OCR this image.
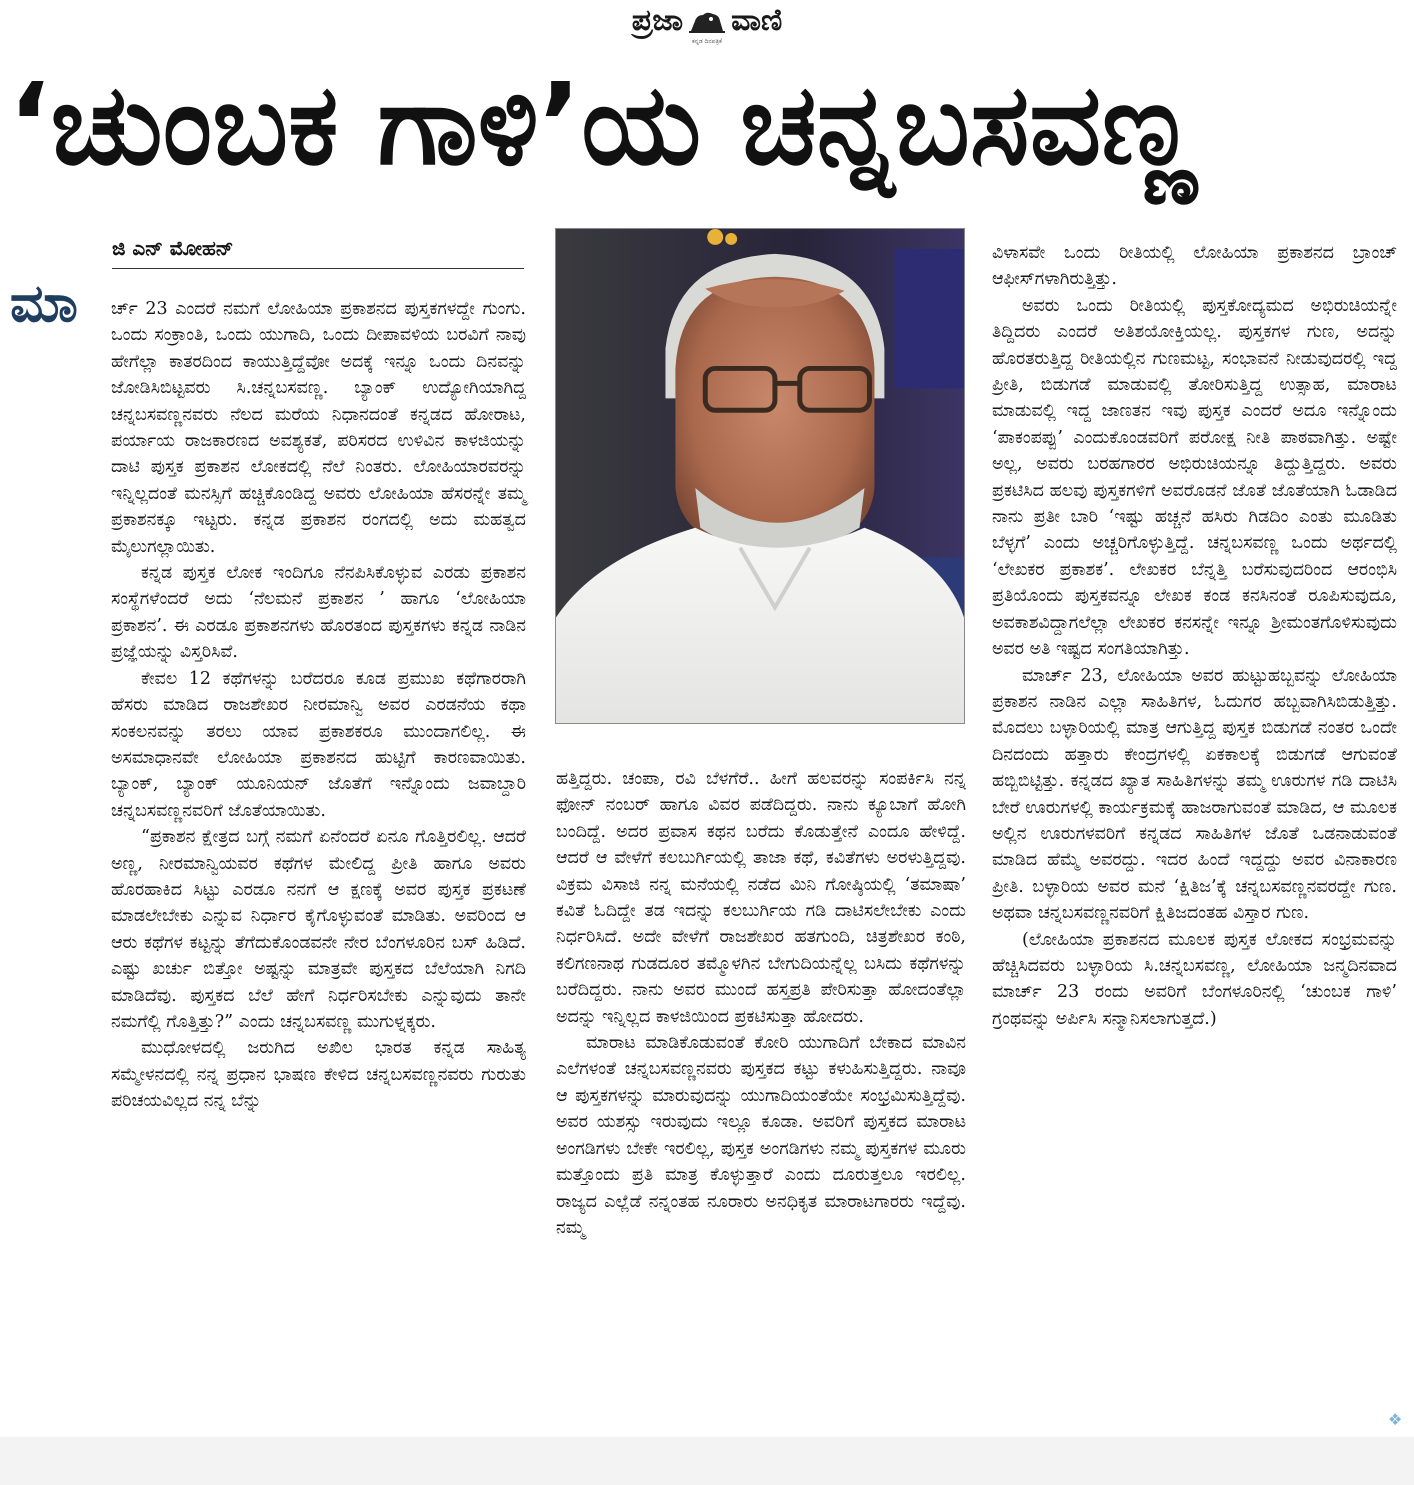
ಪ್ರಜಾ ವಾಣಿ
ಕನ್ನಡ ದಿನಪತ್ರಿಕೆ
‘ಚುಂಬಕ ಗಾಳಿ’ಯ ಚನ್ನಬಸವಣ್ಣ
ಜಿ ಎನ್ ಮೋಹನ್
ಮಾ	ರ್ಚ್ 23 ಎಂದರೆ ನಮಗೆ ಲೋಹಿಯಾ ಪ್ರಕಾಶನದ ಪುಸ್ತಕಗಳದ್ದೇ ಗುಂಗು. ಒಂದು ಸಂಕ್ರಾಂತಿ, ಒಂದು ಯುಗಾದಿ, ಒಂದು ದೀಪಾವಳಿಯ ಬರವಿಗೆ ನಾವು ಹೇಗೆಲ್ಲಾ ಕಾತರದಿಂದ ಕಾಯುತ್ತಿದ್ದೆವೋ ಅದಕ್ಕೆ ಇನ್ನೂ ಒಂದು ದಿನವನ್ನು ಜೋಡಿಸಿಬಿಟ್ಟವರು ಸಿ.ಚನ್ನಬಸವಣ್ಣ. ಬ್ಯಾಂಕ್ ಉದ್ಯೋಗಿಯಾಗಿದ್ದ ಚನ್ನಬಸವಣ್ಣನವರು ನೆಲದ ಮರೆಯ ನಿಧಾನದಂತೆ ಕನ್ನಡದ ಹೋರಾಟ, ಪರ್ಯಾಯ ರಾಜಕಾರಣದ ಅವಶ್ಯಕತೆ, ಪರಿಸರದ ಉಳಿವಿನ ಕಾಳಜಿಯನ್ನು ದಾಟಿ ಪುಸ್ತಕ ಪ್ರಕಾಶನ ಲೋಕದಲ್ಲಿ ನೆಲೆ ನಿಂತರು. ಲೋಹಿಯಾರವರನ್ನು ಇನ್ನಿಲ್ಲದಂತೆ ಮನಸ್ಸಿಗೆ ಹಚ್ಚಿಕೊಂಡಿದ್ದ ಅವರು ಲೋಹಿಯಾ ಹೆಸರನ್ನೇ ತಮ್ಮ ಪ್ರಕಾಶನಕ್ಕೂ ಇಟ್ಟರು. ಕನ್ನಡ ಪ್ರಕಾಶನ ರಂಗದಲ್ಲಿ ಅದು ಮಹತ್ವದ ಮೈಲುಗಲ್ಲಾಯಿತು.

ಕನ್ನಡ ಪುಸ್ತಕ ಲೋಕ ಇಂದಿಗೂ ನೆನಪಿಸಿಕೊಳ್ಳುವ ಎರಡು ಪ್ರಕಾಶನ ಸಂಸ್ಥೆಗಳೆಂದರೆ ಅದು ‘ನೆಲಮನೆ ಪ್ರಕಾಶನ ’ ಹಾಗೂ ‘ಲೋಹಿಯಾ ಪ್ರಕಾಶನ’. ಈ ಎರಡೂ ಪ್ರಕಾಶನಗಳು ಹೊರತಂದ ಪುಸ್ತಕಗಳು ಕನ್ನಡ ನಾಡಿನ ಪ್ರಜ್ಞೆಯನ್ನು ವಿಸ್ತರಿಸಿವೆ.

ಕೇವಲ 12 ಕಥೆಗಳನ್ನು ಬರೆದರೂ ಕೂಡ ಪ್ರಮುಖ ಕಥೆಗಾರರಾಗಿ ಹೆಸರು ಮಾಡಿದ ರಾಜಶೇಖರ ನೀರಮಾನ್ವಿ ಅವರ ಎರಡನೆಯ ಕಥಾ ಸಂಕಲನವನ್ನು ತರಲು ಯಾವ ಪ್ರಕಾಶಕರೂ ಮುಂದಾಗಲಿಲ್ಲ. ಈ ಅಸಮಾಧಾನವೇ ಲೋಹಿಯಾ ಪ್ರಕಾಶನದ ಹುಟ್ಟಿಗೆ ಕಾರಣವಾಯಿತು. ಬ್ಯಾಂಕ್, ಬ್ಯಾಂಕ್ ಯೂನಿಯನ್ ಜೊತೆಗೆ ಇನ್ನೊಂದು ಜವಾಬ್ದಾರಿ ಚನ್ನಬಸವಣ್ಣನವರಿಗೆ ಜೊತೆಯಾಯಿತು.

“ಪ್ರಕಾಶನ ಕ್ಷೇತ್ರದ ಬಗ್ಗೆ ನಮಗೆ ಏನೆಂದರೆ ಏನೂ ಗೊತ್ತಿರಲಿಲ್ಲ. ಆದರೆ ಅಣ್ಣ, ನೀರಮಾನ್ವಿಯವರ ಕಥೆಗಳ ಮೇಲಿದ್ದ ಪ್ರೀತಿ ಹಾಗೂ ಅವರು ಹೊರಹಾಕಿದ ಸಿಟ್ಟು ಎರಡೂ ನನಗೆ ಆ ಕ್ಷಣಕ್ಕೆ ಅವರ ಪುಸ್ತಕ ಪ್ರಕಟಣೆ ಮಾಡಲೇಬೇಕು ಎನ್ನುವ ನಿರ್ಧಾರ ಕೈಗೊಳ್ಳುವಂತೆ ಮಾಡಿತು. ಅವರಿಂದ ಆ ಆರು ಕಥೆಗಳ ಕಟ್ಟನ್ನು ತೆಗೆದುಕೊಂಡವನೇ ನೇರ ಬೆಂಗಳೂರಿನ ಬಸ್ ಹಿಡಿದೆ. ಎಷ್ಟು ಖರ್ಚು ಬಿತ್ತೋ ಅಷ್ಟನ್ನು ಮಾತ್ರವೇ ಪುಸ್ತಕದ ಬೆಲೆಯಾಗಿ ನಿಗದಿ ಮಾಡಿದೆವು. ಪುಸ್ತಕದ ಬೆಲೆ ಹೇಗೆ ನಿರ್ಧರಿಸಬೇಕು ಎನ್ನುವುದು ತಾನೇ ನಮಗೆಲ್ಲಿ ಗೊತ್ತಿತ್ತು?” ಎಂದು ಚನ್ನಬಸವಣ್ಣ ಮುಗುಳ್ನಕ್ಕರು.

ಮುಧೋಳದಲ್ಲಿ ಜರುಗಿದ ಅಖಿಲ ಭಾರತ ಕನ್ನಡ ಸಾಹಿತ್ಯ ಸಮ್ಮೇಳನದಲ್ಲಿ ನನ್ನ ಪ್ರಧಾನ ಭಾಷಣ ಕೇಳಿದ ಚನ್ನಬಸವಣ್ಣನವರು ಗುರುತು ಪರಿಚಯವಿಲ್ಲದ ನನ್ನ ಬೆನ್ನು

ಹತ್ತಿದ್ದರು. ಚಂಪಾ, ರವಿ ಬೆಳಗೆರೆ.. ಹೀಗೆ ಹಲವರನ್ನು ಸಂಪರ್ಕಿಸಿ ನನ್ನ ಫೋನ್ ನಂಬರ್ ಹಾಗೂ ವಿವರ ಪಡೆದಿದ್ದರು. ನಾನು ಕ್ಯೂಬಾಗೆ ಹೋಗಿ ಬಂದಿದ್ದೆ. ಅದರ ಪ್ರವಾಸ ಕಥನ ಬರೆದು ಕೊಡುತ್ತೇನೆ ಎಂದೂ ಹೇಳಿದ್ದೆ. ಆದರೆ ಆ ವೇಳೆಗೆ ಕಲಬುರ್ಗಿಯಲ್ಲಿ ತಾಜಾ ಕಥೆ, ಕವಿತೆಗಳು ಅರಳುತ್ತಿದ್ದವು. ವಿಕ್ರಮ ವಿಸಾಜಿ ನನ್ನ ಮನೆಯಲ್ಲಿ ನಡೆದ ಮಿನಿ ಗೋಷ್ಠಿಯಲ್ಲಿ ‘ತಮಾಷಾ’ ಕವಿತೆ ಓದಿದ್ದೇ ತಡ ಇದನ್ನು ಕಲಬುರ್ಗಿಯ ಗಡಿ ದಾಟಿಸಲೇಬೇಕು ಎಂದು ನಿರ್ಧರಿಸಿದೆ. ಅದೇ ವೇಳೆಗೆ ರಾಜಶೇಖರ ಹತಗುಂದಿ, ಚಿತ್ರಶೇಖರ ಕಂಠಿ, ಕಲಿಗಣನಾಥ ಗುಡದೂರ ತಮ್ಮೊಳಗಿನ ಬೇಗುದಿಯನ್ನೆಲ್ಲ ಬಸಿದು ಕಥೆಗಳನ್ನು ಬರೆದಿದ್ದರು. ನಾನು ಅವರ ಮುಂದೆ ಹಸ್ತಪ್ರತಿ ಪೇರಿಸುತ್ತಾ ಹೋದಂತೆಲ್ಲಾ ಅದನ್ನು ಇನ್ನಿಲ್ಲದ ಕಾಳಜಿಯಿಂದ ಪ್ರಕಟಿಸುತ್ತಾ ಹೋದರು.

ಮಾರಾಟ ಮಾಡಿಕೊಡುವಂತೆ ಕೋರಿ ಯುಗಾದಿಗೆ ಬೇಕಾದ ಮಾವಿನ ಎಲೆಗಳಂತೆ ಚನ್ನಬಸವಣ್ಣನವರು ಪುಸ್ತಕದ ಕಟ್ಟು ಕಳುಹಿಸುತ್ತಿದ್ದರು. ನಾವೂ ಆ ಪುಸ್ತಕಗಳನ್ನು ಮಾರುವುದನ್ನು ಯುಗಾದಿಯಂತೆಯೇ ಸಂಭ್ರಮಿಸುತ್ತಿದ್ದೆವು. ಅವರ ಯಶಸ್ಸು ಇರುವುದು ಇಲ್ಲೂ ಕೂಡಾ. ಅವರಿಗೆ ಪುಸ್ತಕದ ಮಾರಾಟ ಅಂಗಡಿಗಳು ಬೇಕೇ ಇರಲಿಲ್ಲ, ಪುಸ್ತಕ ಅಂಗಡಿಗಳು ನಮ್ಮ ಪುಸ್ತಕಗಳ ಮೂರು ಮತ್ತೊಂದು ಪ್ರತಿ ಮಾತ್ರ ಕೊಳ್ಳುತ್ತಾರೆ ಎಂದು ದೂರುತ್ತಲೂ ಇರಲಿಲ್ಲ. ರಾಜ್ಯದ ಎಲ್ಲೆಡೆ ನನ್ನಂತಹ ನೂರಾರು ಅನಧಿಕೃತ ಮಾರಾಟಗಾರರು ಇದ್ದೆವು. ನಮ್ಮ

ವಿಳಾಸವೇ ಒಂದು ರೀತಿಯಲ್ಲಿ ಲೋಹಿಯಾ ಪ್ರಕಾಶನದ ಬ್ರಾಂಚ್ ಆಫೀಸ್‌ಗಳಾಗಿರುತ್ತಿತ್ತು.

ಅವರು ಒಂದು ರೀತಿಯಲ್ಲಿ ಪುಸ್ತಕೋದ್ಯಮದ ಅಭಿರುಚಿಯನ್ನೇ ತಿದ್ದಿದರು ಎಂದರೆ ಅತಿಶಯೋಕ್ತಿಯಲ್ಲ. ಪುಸ್ತಕಗಳ ಗುಣ, ಅದನ್ನು ಹೊರತರುತ್ತಿದ್ದ ರೀತಿಯಲ್ಲಿನ ಗುಣಮಟ್ಟ, ಸಂಭಾವನೆ ನೀಡುವುದರಲ್ಲಿ ಇದ್ದ ಪ್ರೀತಿ, ಬಿಡುಗಡೆ ಮಾಡುವಲ್ಲಿ ತೋರಿಸುತ್ತಿದ್ದ ಉತ್ಸಾಹ, ಮಾರಾಟ ಮಾಡುವಲ್ಲಿ ಇದ್ದ ಜಾಣತನ ಇವು ಪುಸ್ತಕ ಎಂದರೆ ಅದೂ ಇನ್ನೊಂದು ‘ಪಾಕಂಪಪ್ಪು’ ಎಂದುಕೊಂಡವರಿಗೆ ಪರೋಕ್ಷ ನೀತಿ ಪಾಠವಾಗಿತ್ತು. ಅಷ್ಟೇ ಅಲ್ಲ, ಅವರು ಬರಹಗಾರರ ಅಭಿರುಚಿಯನ್ನೂ ತಿದ್ದುತ್ತಿದ್ದರು. ಅವರು ಪ್ರಕಟಿಸಿದ ಹಲವು ಪುಸ್ತಕಗಳಿಗೆ ಅವರೊಡನೆ ಜೊತೆ ಜೊತೆಯಾಗಿ ಓಡಾಡಿದ ನಾನು ಪ್ರತೀ ಬಾರಿ ‘ಇಷ್ಟು ಹಚ್ಚನೆ ಹಸಿರು ಗಿಡದಿಂ ಎಂತು ಮೂಡಿತು ಬೆಳ್ಳಗೆ’ ಎಂದು ಅಚ್ಚರಿಗೊಳ್ಳುತ್ತಿದ್ದೆ. ಚನ್ನಬಸವಣ್ಣ ಒಂದು ಅರ್ಥದಲ್ಲಿ ‘ಲೇಖಕರ ಪ್ರಕಾಶಕ’. ಲೇಖಕರ ಬೆನ್ನತ್ತಿ ಬರೆಸುವುದರಿಂದ ಆರಂಭಿಸಿ ಪ್ರತಿಯೊಂದು ಪುಸ್ತಕವನ್ನೂ ಲೇಖಕ ಕಂಡ ಕನಸಿನಂತೆ ರೂಪಿಸುವುದೂ, ಅವಕಾಶವಿದ್ದಾಗಲೆಲ್ಲಾ ಲೇಖಕರ ಕನಸನ್ನೇ ಇನ್ನೂ ಶ್ರೀಮಂತಗೊಳಿಸುವುದು ಅವರ ಅತಿ ಇಷ್ಟದ ಸಂಗತಿಯಾಗಿತ್ತು.

ಮಾರ್ಚ್ 23, ಲೋಹಿಯಾ ಅವರ ಹುಟ್ಟುಹಬ್ಬವನ್ನು ಲೋಹಿಯಾ ಪ್ರಕಾಶನ ನಾಡಿನ ಎಲ್ಲಾ ಸಾಹಿತಿಗಳ, ಓದುಗರ ಹಬ್ಬವಾಗಿಸಿಬಿಡುತ್ತಿತ್ತು. ಮೊದಲು ಬಳ್ಳಾರಿಯಲ್ಲಿ ಮಾತ್ರ ಆಗುತ್ತಿದ್ದ ಪುಸ್ತಕ ಬಿಡುಗಡೆ ನಂತರ ಒಂದೇ ದಿನದಂದು ಹತ್ತಾರು ಕೇಂದ್ರಗಳಲ್ಲಿ ಏಕಕಾಲಕ್ಕೆ ಬಿಡುಗಡೆ ಆಗುವಂತೆ ಹಬ್ಬಿಬಿಟ್ಟಿತ್ತು. ಕನ್ನಡದ ಖ್ಯಾತ ಸಾಹಿತಿಗಳನ್ನು ತಮ್ಮ ಊರುಗಳ ಗಡಿ ದಾಟಿಸಿ ಬೇರೆ ಊರುಗಳಲ್ಲಿ ಕಾರ್ಯಕ್ರಮಕ್ಕೆ ಹಾಜರಾಗುವಂತೆ ಮಾಡಿದ, ಆ ಮೂಲಕ ಅಲ್ಲಿನ ಊರುಗಳವರಿಗೆ ಕನ್ನಡದ ಸಾಹಿತಿಗಳ ಜೊತೆ ಒಡನಾಡುವಂತೆ ಮಾಡಿದ ಹೆಮ್ಮೆ ಅವರದ್ದು. ಇದರ ಹಿಂದೆ ಇದ್ದದ್ದು ಅವರ ವಿನಾಕಾರಣ ಪ್ರೀತಿ. ಬಳ್ಳಾರಿಯ ಅವರ ಮನೆ ‘ಕ್ಷಿತಿಜ’ಕ್ಕೆ ಚನ್ನಬಸವಣ್ಣನವರದ್ದೇ ಗುಣ. ಅಥವಾ ಚನ್ನಬಸವಣ್ಣನವರಿಗೆ ಕ್ಷಿತಿಜದಂತಹ ವಿಸ್ತಾರ ಗುಣ.

(ಲೋಹಿಯಾ ಪ್ರಕಾಶನದ ಮೂಲಕ ಪುಸ್ತಕ ಲೋಕದ ಸಂಭ್ರಮವನ್ನು ಹೆಚ್ಚಿಸಿದವರು ಬಳ್ಳಾರಿಯ ಸಿ.ಚನ್ನಬಸವಣ್ಣ, ಲೋಹಿಯಾ ಜನ್ಮದಿನವಾದ ಮಾರ್ಚ್ 23 ರಂದು ಅವರಿಗೆ ಬೆಂಗಳೂರಿನಲ್ಲಿ ‘ಚುಂಬಕ ಗಾಳಿ’ ಗ್ರಂಥವನ್ನು ಅರ್ಪಿಸಿ ಸನ್ಮಾನಿಸಲಾಗುತ್ತದೆ.)

❖
